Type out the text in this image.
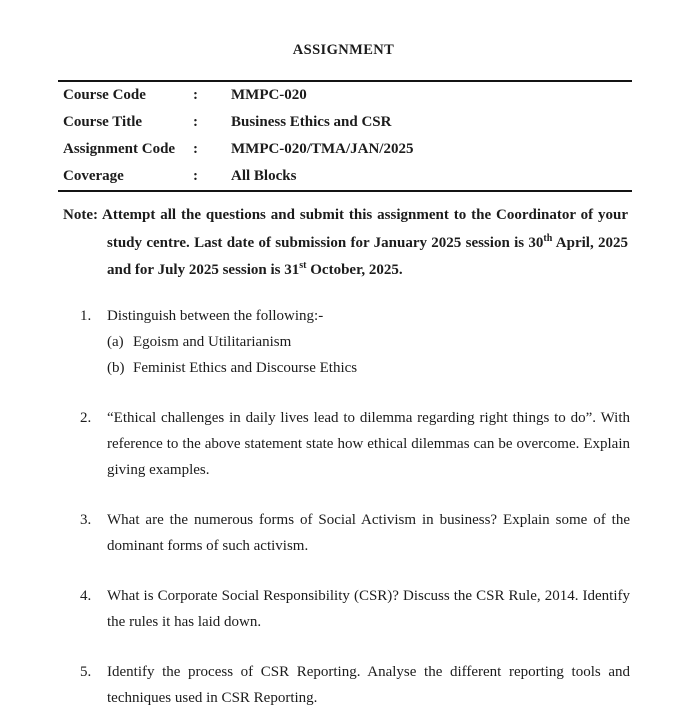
ASSIGNMENT
Course Code	:	MMPC-020
Course Title	:	Business Ethics and CSR
Assignment Code	:	MMPC-020/TMA/JAN/2025
Coverage	:	All Blocks

Note: Attempt all the questions and submit this assignment to the Coordinator of your study centre. Last date of submission for January 2025 session is 30th April, 2025 and for July 2025 session is 31st October, 2025.

1.	Distinguish between the following:-
(a) Egoism and Utilitarianism
(b) Feminist Ethics and Discourse Ethics
2.	“Ethical challenges in daily lives lead to dilemma regarding right things to do”. With reference to the above statement state how ethical dilemmas can be overcome. Explain giving examples.
3.	What are the numerous forms of Social Activism in business? Explain some of the dominant forms of such activism.
4.	What is Corporate Social Responsibility (CSR)? Discuss the CSR Rule, 2014. Identify the rules it has laid down.
5.	Identify the process of CSR Reporting. Analyse the different reporting tools and techniques used in CSR Reporting.
